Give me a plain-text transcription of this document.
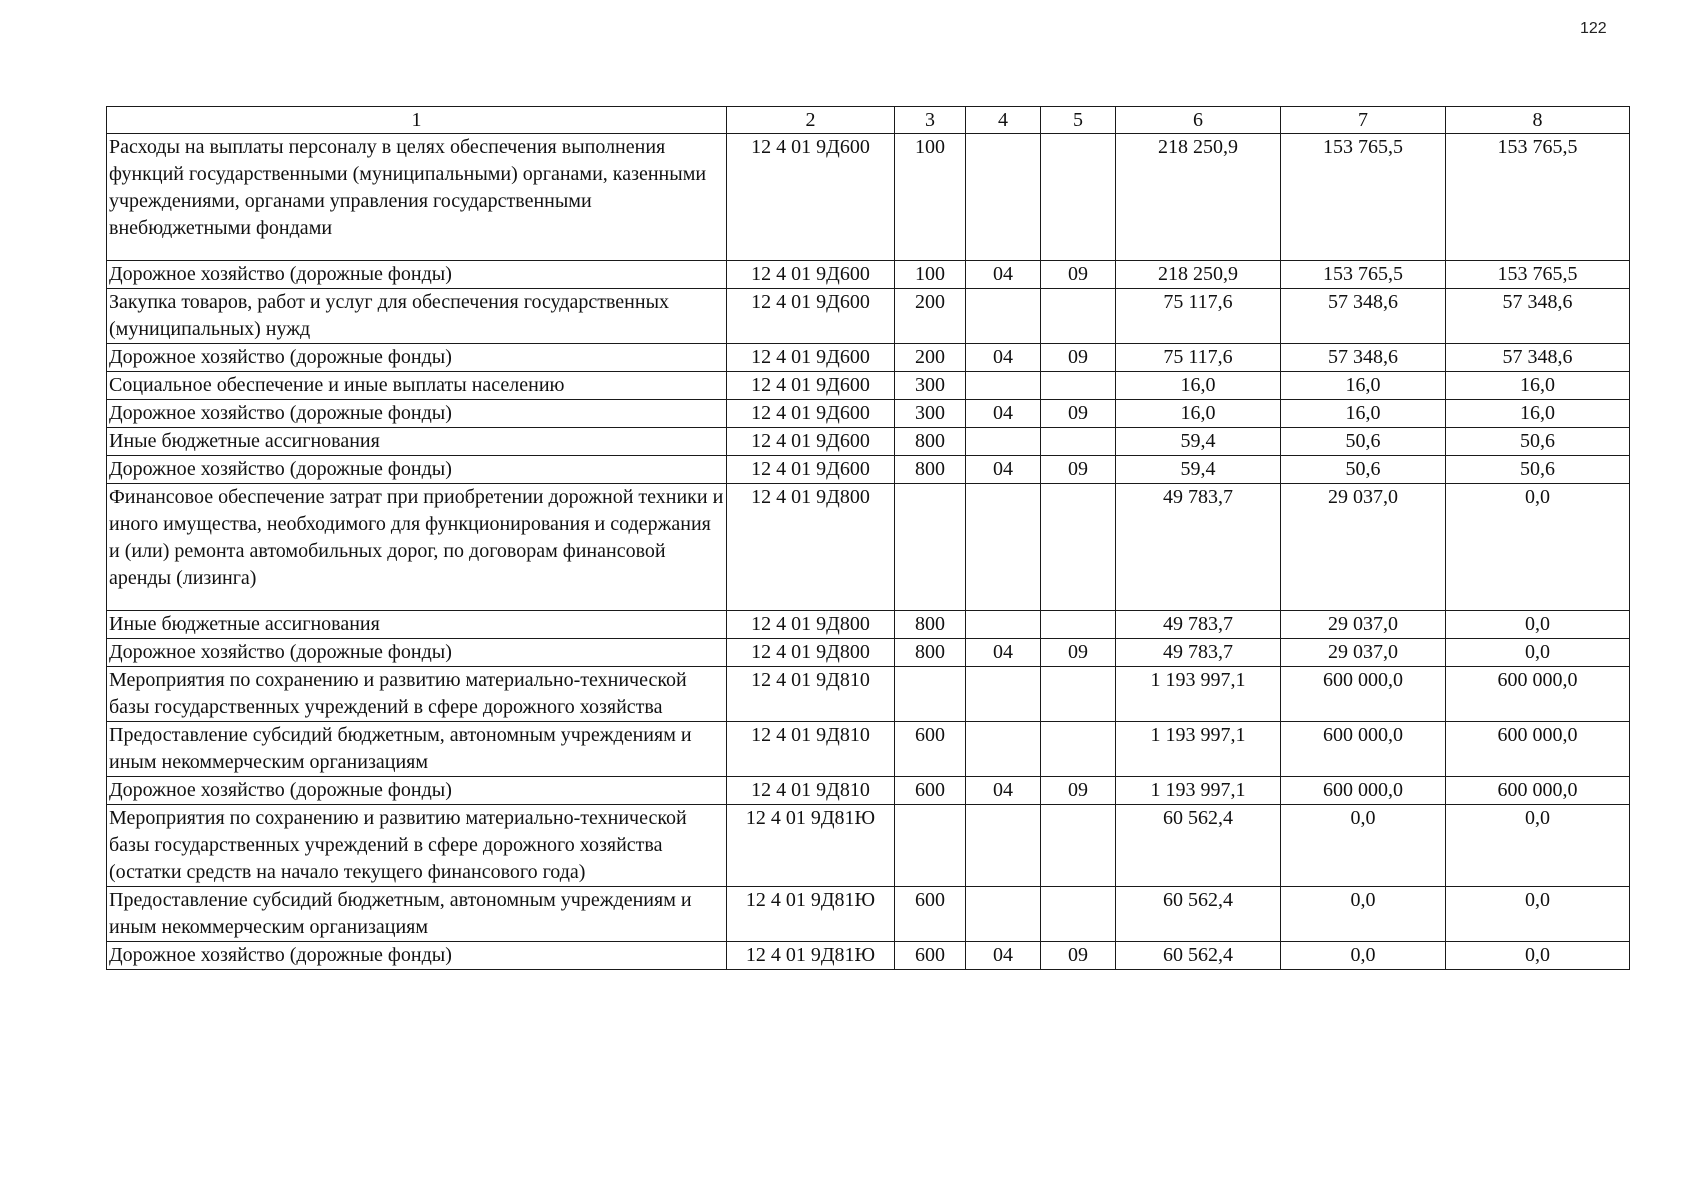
122
1	2	3	4	5	6	7	8
Расходы на выплаты персоналу в целях обеспечения выполнения функций государственными (муниципальными) органами, казенными учреждениями, органами управления государственными внебюджетными фондами	12 4 01 9Д600	100			218 250,9	153 765,5	153 765,5
Дорожное хозяйство (дорожные фонды)	12 4 01 9Д600	100	04	09	218 250,9	153 765,5	153 765,5
Закупка товаров, работ и услуг для обеспечения государственных (муниципальных) нужд	12 4 01 9Д600	200			75 117,6	57 348,6	57 348,6
Дорожное хозяйство (дорожные фонды)	12 4 01 9Д600	200	04	09	75 117,6	57 348,6	57 348,6
Социальное обеспечение и иные выплаты населению	12 4 01 9Д600	300			16,0	16,0	16,0
Дорожное хозяйство (дорожные фонды)	12 4 01 9Д600	300	04	09	16,0	16,0	16,0
Иные бюджетные ассигнования	12 4 01 9Д600	800			59,4	50,6	50,6
Дорожное хозяйство (дорожные фонды)	12 4 01 9Д600	800	04	09	59,4	50,6	50,6
Финансовое обеспечение затрат при приобретении дорожной техники и иного имущества, необходимого для функционирования и содержания и (или) ремонта автомобильных дорог, по договорам финансовой аренды (лизинга)	12 4 01 9Д800				49 783,7	29 037,0	0,0
Иные бюджетные ассигнования	12 4 01 9Д800	800			49 783,7	29 037,0	0,0
Дорожное хозяйство (дорожные фонды)	12 4 01 9Д800	800	04	09	49 783,7	29 037,0	0,0
Мероприятия по сохранению и развитию материально-технической базы государственных учреждений в сфере дорожного хозяйства	12 4 01 9Д810				1 193 997,1	600 000,0	600 000,0
Предоставление субсидий бюджетным, автономным учреждениям и иным некоммерческим организациям	12 4 01 9Д810	600			1 193 997,1	600 000,0	600 000,0
Дорожное хозяйство (дорожные фонды)	12 4 01 9Д810	600	04	09	1 193 997,1	600 000,0	600 000,0
Мероприятия по сохранению и развитию материально-технической базы государственных учреждений в сфере дорожного хозяйства (остатки средств на начало текущего финансового года)	12 4 01 9Д81Ю				60 562,4	0,0	0,0
Предоставление субсидий бюджетным, автономным учреждениям и иным некоммерческим организациям	12 4 01 9Д81Ю	600			60 562,4	0,0	0,0
Дорожное хозяйство (дорожные фонды)	12 4 01 9Д81Ю	600	04	09	60 562,4	0,0	0,0
